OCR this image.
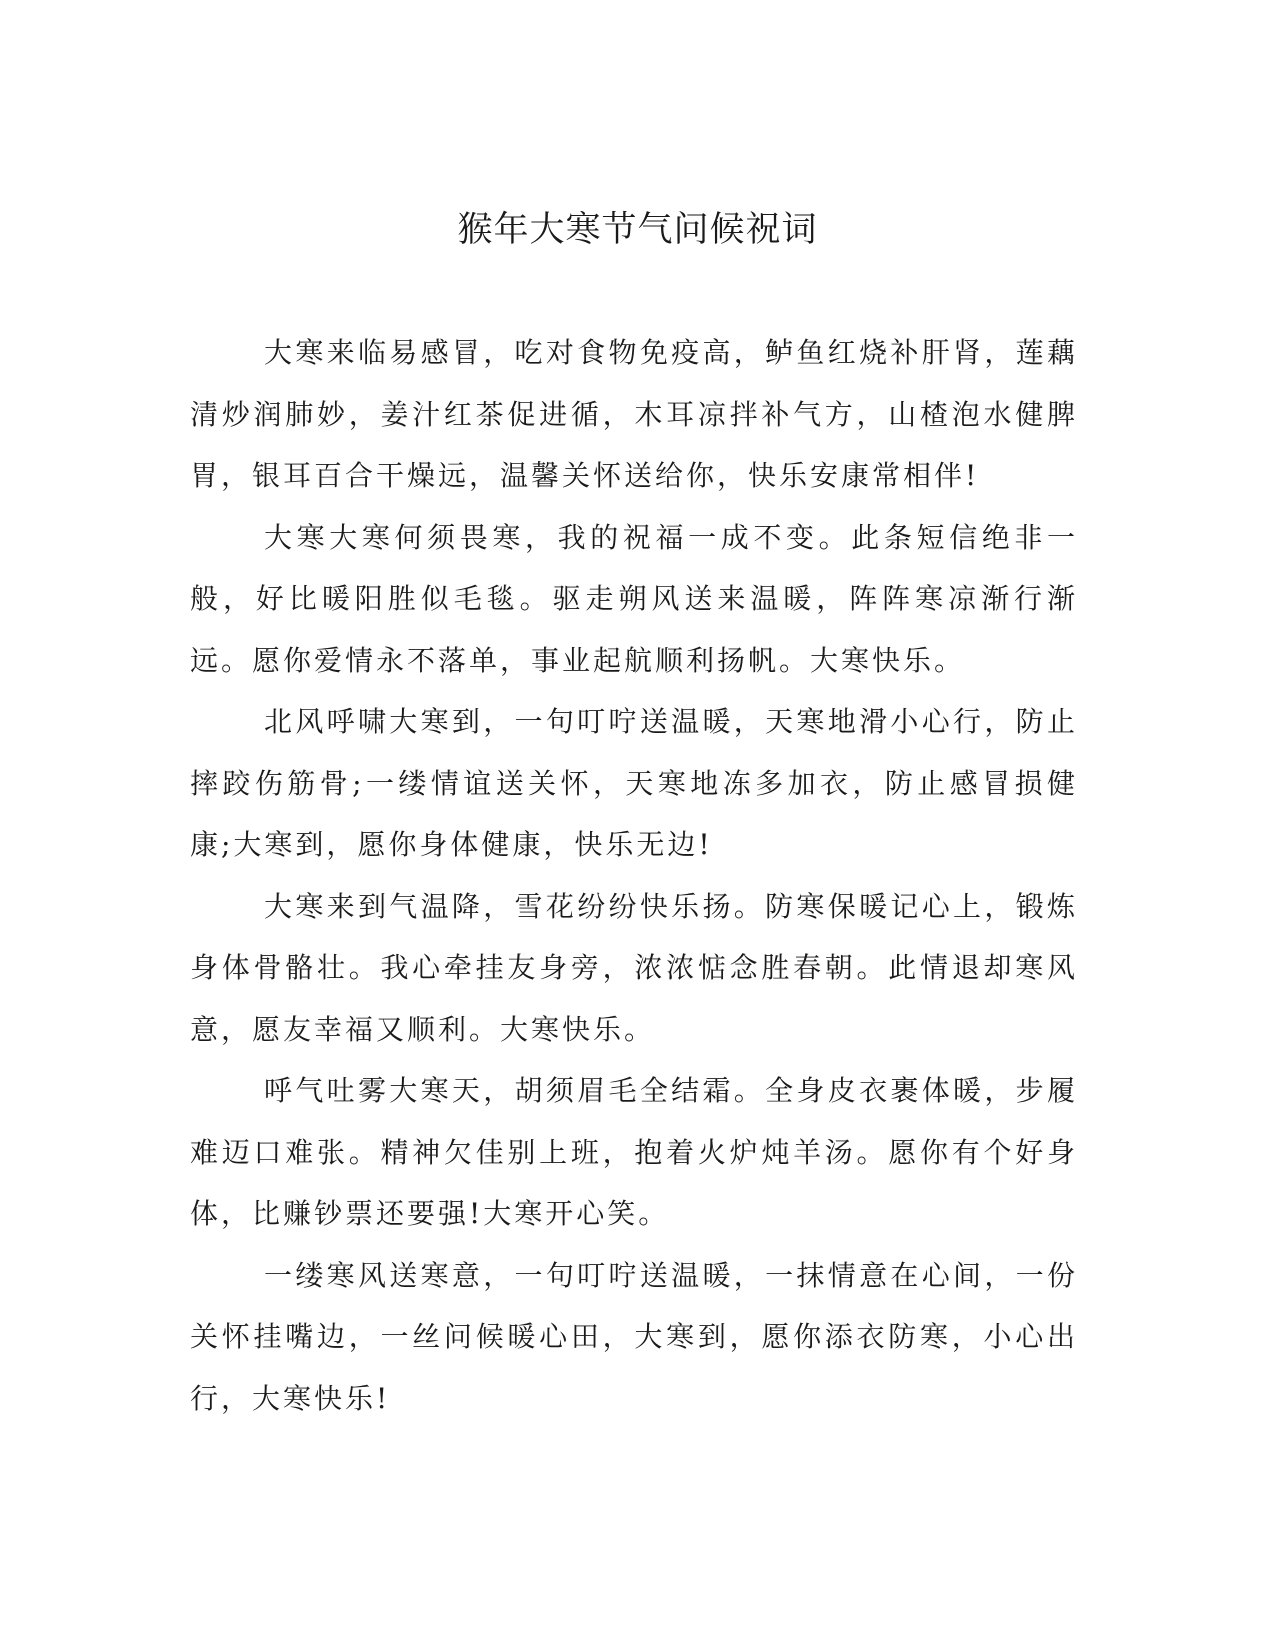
猴年大寒节气问候祝词

大寒来临易感冒，吃对食物免疫高，鲈鱼红烧补肝肾，莲藕清炒润肺妙，姜汁红茶促进循，木耳凉拌补气方，山楂泡水健脾胃，银耳百合干燥远，温馨关怀送给你，快乐安康常相伴!

大寒大寒何须畏寒，我的祝福一成不变。此条短信绝非一般，好比暖阳胜似毛毯。驱走朔风送来温暖，阵阵寒凉渐行渐远。愿你爱情永不落单，事业起航顺利扬帆。大寒快乐。

北风呼啸大寒到，一句叮咛送温暖，天寒地滑小心行，防止摔跤伤筋骨;一缕情谊送关怀，天寒地冻多加衣，防止感冒损健康;大寒到，愿你身体健康，快乐无边!

大寒来到气温降，雪花纷纷快乐扬。防寒保暖记心上，锻炼身体骨骼壮。我心牵挂友身旁，浓浓惦念胜春朝。此情退却寒风意，愿友幸福又顺利。大寒快乐。

呼气吐雾大寒天，胡须眉毛全结霜。全身皮衣裹体暖，步履难迈口难张。精神欠佳别上班，抱着火炉炖羊汤。愿你有个好身体，比赚钞票还要强!大寒开心笑。

一缕寒风送寒意，一句叮咛送温暖，一抹情意在心间，一份关怀挂嘴边，一丝问候暖心田，大寒到，愿你添衣防寒，小心出行，大寒快乐!
